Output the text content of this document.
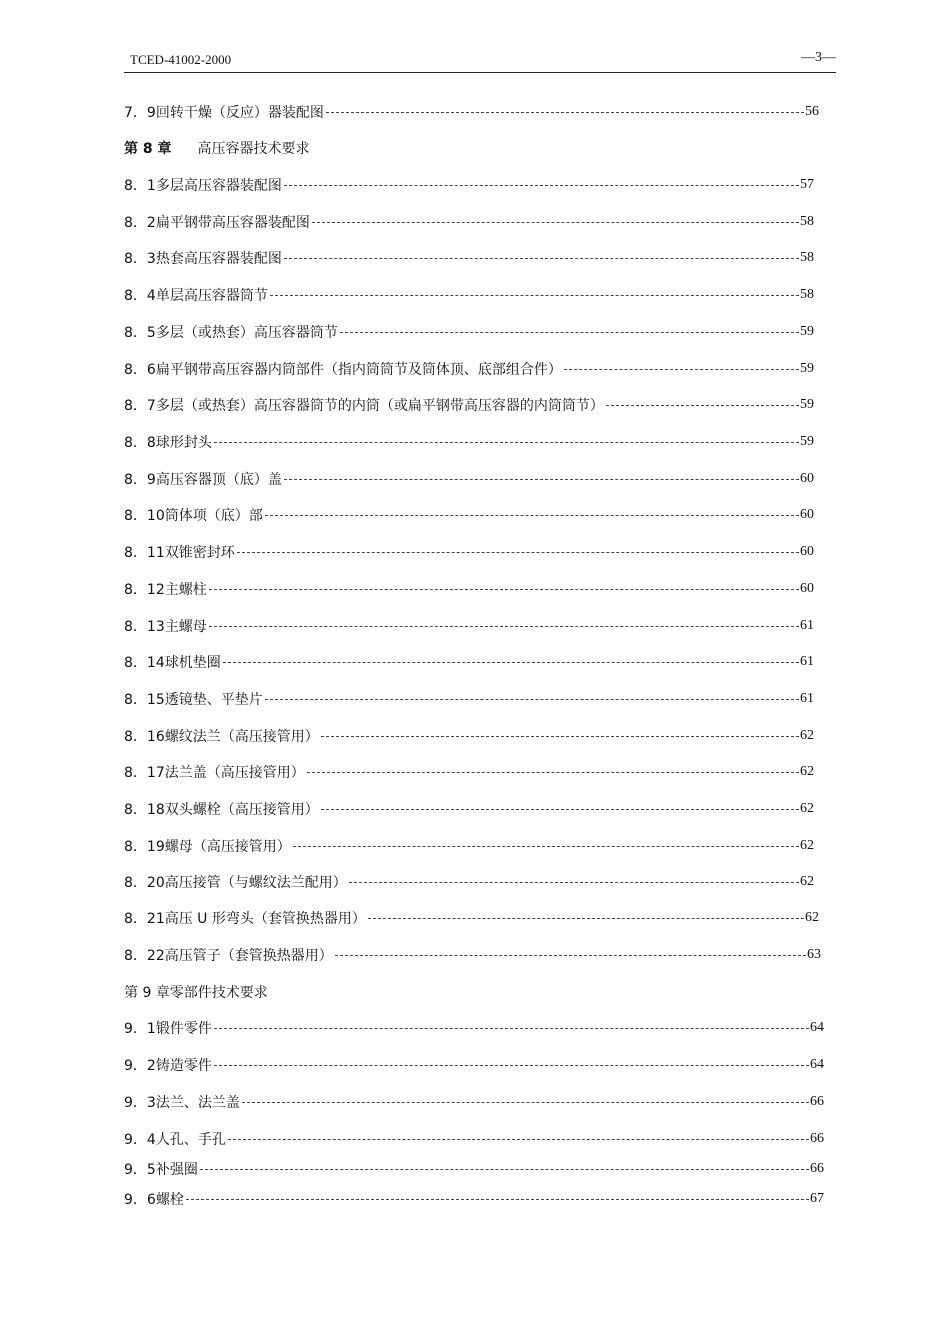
TCED-41002-2000	—3—
7．9 回转干燥（反应）器装配图	56
第 8 章 高压容器技术要求
8．1 多层高压容器装配图	57
8．2 扁平钢带高压容器装配图	58
8．3 热套高压容器装配图	58
8．4 单层高压容器筒节	58
8．5 多层（或热套）高压容器筒节	59
8．6 扁平钢带高压容器内筒部件（指内筒筒节及筒体顶、底部组合件）	59
8．7 多层（或热套）高压容器筒节的内筒（或扁平钢带高压容器的内筒筒节）	59
8．8 球形封头	59
8．9 高压容器顶（底）盖	60
8．10 筒体项（底）部	60
8．11 双锥密封环	60
8．12 主螺柱	60
8．13 主螺母	61
8．14 球机垫圈	61
8．15 透镜垫、平垫片	61
8．16 螺纹法兰（高压接管用）	62
8．17 法兰盖（高压接管用）	62
8．18 双头螺栓（高压接管用）	62
8．19 螺母（高压接管用）	62
8．20 高压接管（与螺纹法兰配用）	62
8．21 高压 U 形弯头（套管换热器用）	62
8．22 高压管子（套管换热器用）	63
第 9 章零部件技术要求
9．1 锻件零件	64
9．2 铸造零件	64
9．3 法兰、法兰盖	66
9．4 人孔、手孔	66
9．5 补强圈	66
9．6 螺栓	67
